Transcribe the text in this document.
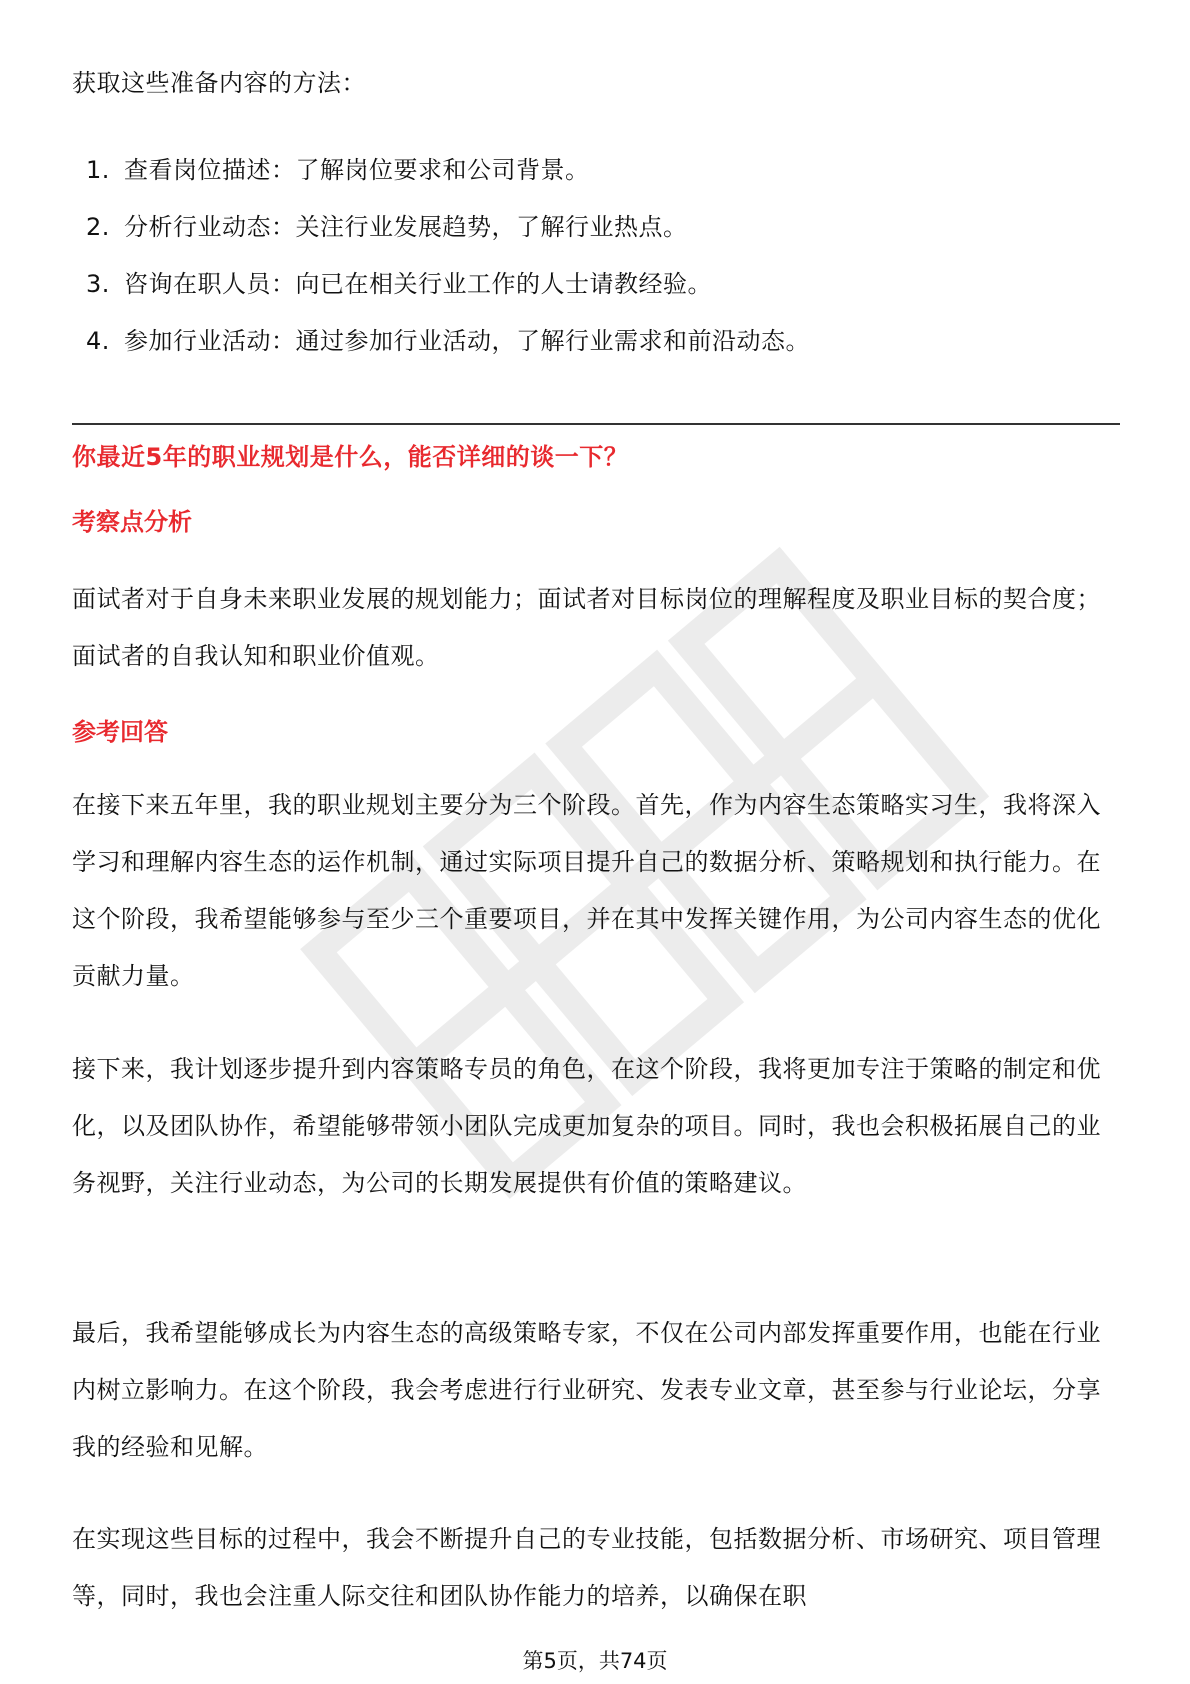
获取这些准备内容的方法：
1. 查看岗位描述：了解岗位要求和公司背景。
2. 分析行业动态：关注行业发展趋势，了解行业热点。
3. 咨询在职人员：向已在相关行业工作的人士请教经验。
4. 参加行业活动：通过参加行业活动，了解行业需求和前沿动态。
你最近5年的职业规划是什么，能否详细的谈一下？
考察点分析
面试者对于自身未来职业发展的规划能力；面试者对目标岗位的理解程度及职业目标的契合度；面试者的自我认知和职业价值观。
参考回答
在接下来五年里，我的职业规划主要分为三个阶段。首先，作为内容生态策略实习生，我将深入学习和理解内容生态的运作机制，通过实际项目提升自己的数据分析、策略规划和执行能力。在这个阶段，我希望能够参与至少三个重要项目，并在其中发挥关键作用，为公司内容生态的优化贡献力量。
接下来，我计划逐步提升到内容策略专员的角色，在这个阶段，我将更加专注于策略的制定和优化，以及团队协作，希望能够带领小团队完成更加复杂的项目。同时，我也会积极拓展自己的业务视野，关注行业动态，为公司的长期发展提供有价值的策略建议。
最后，我希望能够成长为内容生态的高级策略专家，不仅在公司内部发挥重要作用，也能在行业内树立影响力。在这个阶段，我会考虑进行行业研究、发表专业文章，甚至参与行业论坛，分享我的经验和见解。
在实现这些目标的过程中，我会不断提升自己的专业技能，包括数据分析、市场研究、项目管理等，同时，我也会注重人际交往和团队协作能力的培养，以确保在职
第5页，共74页
